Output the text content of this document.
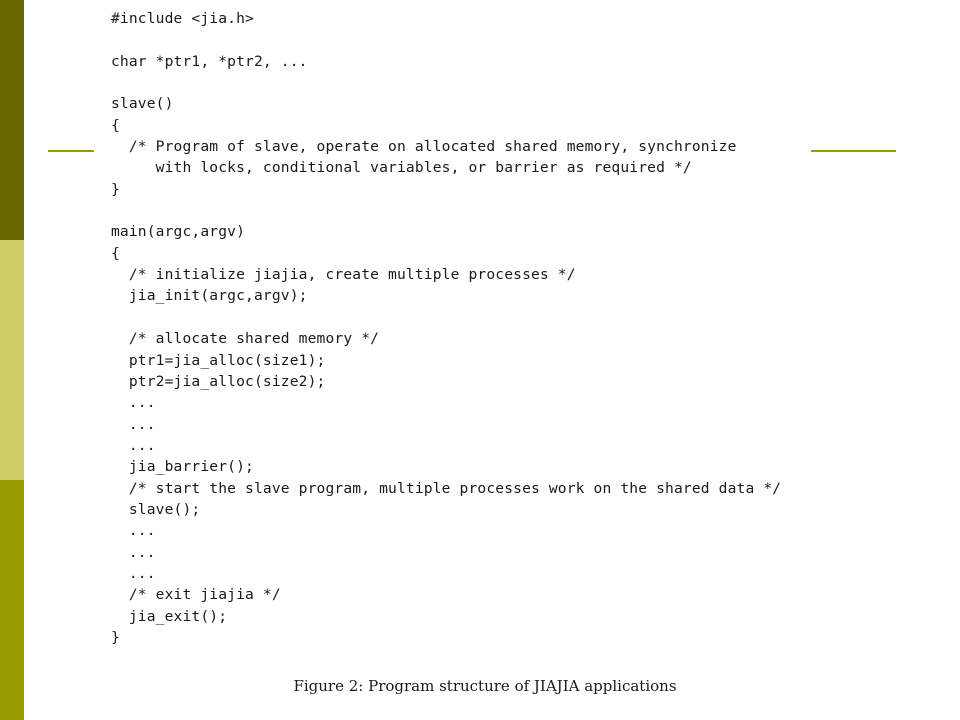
#include <jia.h>
char *ptr1, *ptr2, ...
slave()
{
/* Program of slave, operate on allocated shared memory, synchronize
with locks, conditional variables, or barrier as required */
}
main(argc,argv)
{
/* initialize jiajia, create multiple processes */
jia_init(argc,argv);
/* allocate shared memory */
ptr1=jia_alloc(size1);
ptr2=jia_alloc(size2);
...
...
...
jia_barrier();
/* start the slave program, multiple processes work on the shared data */
slave();
...
...
...
/* exit jiajia */
jia_exit();
}
Figure 2: Program structure of JIAJIA applications
